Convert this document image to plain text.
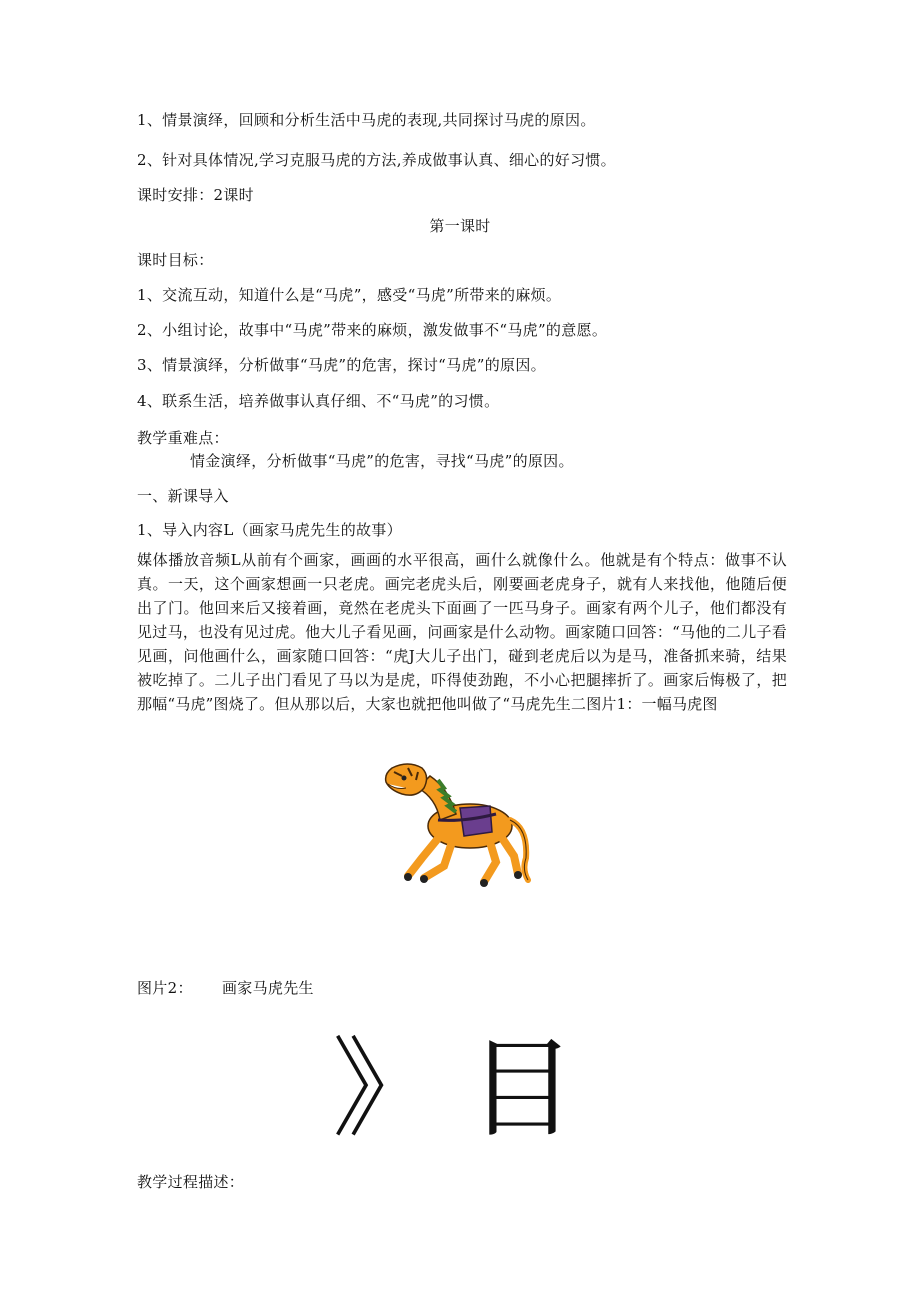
1、情景演绎，回顾和分析生活中马虎的表现,共同探讨马虎的原因。
2、针对具体情况,学习克服马虎的方法,养成做事认真、细心的好习惯。
课时安排：2课时
第一课时
课时目标：
1、交流互动，知道什么是“马虎”，感受“马虎”所带来的麻烦。
2、小组讨论，故事中“马虎”带来的麻烦，激发做事不“马虎”的意愿。
3、情景演绎，分析做事“马虎”的危害，探讨“马虎”的原因。
4、联系生活，培养做事认真仔细、不“马虎”的习惯。
教学重难点：
情金演绎，分析做事“马虎”的危害，寻找“马虎”的原因。
一、新课导入
1、导入内容L（画家马虎先生的故事）
媒体播放音频L从前有个画家，画画的水平很高，画什么就像什么。他就是有个特点：做事不认真。一天，这个画家想画一只老虎。画完老虎头后，刚要画老虎身子，就有人来找他，他随后便出了门。他回来后又接着画，竟然在老虎头下面画了一匹马身子。画家有两个儿子，他们都没有见过马，也没有见过虎。他大儿子看见画，问画家是什么动物。画家随口回答：“马他的二儿子看见画，问他画什么，画家随口回答：“虎J大儿子出门，碰到老虎后以为是马，准备抓来骑，结果被吃掉了。二儿子出门看见了马以为是虎，吓得使劲跑，不小心把腿摔折了。画家后悔极了，把那幅“马虎”图烧了。但从那以后，大家也就把他叫做了“马虎先生二图片1：一幅马虎图
图片2： 画家马虎先生
》 目
教学过程描述：
